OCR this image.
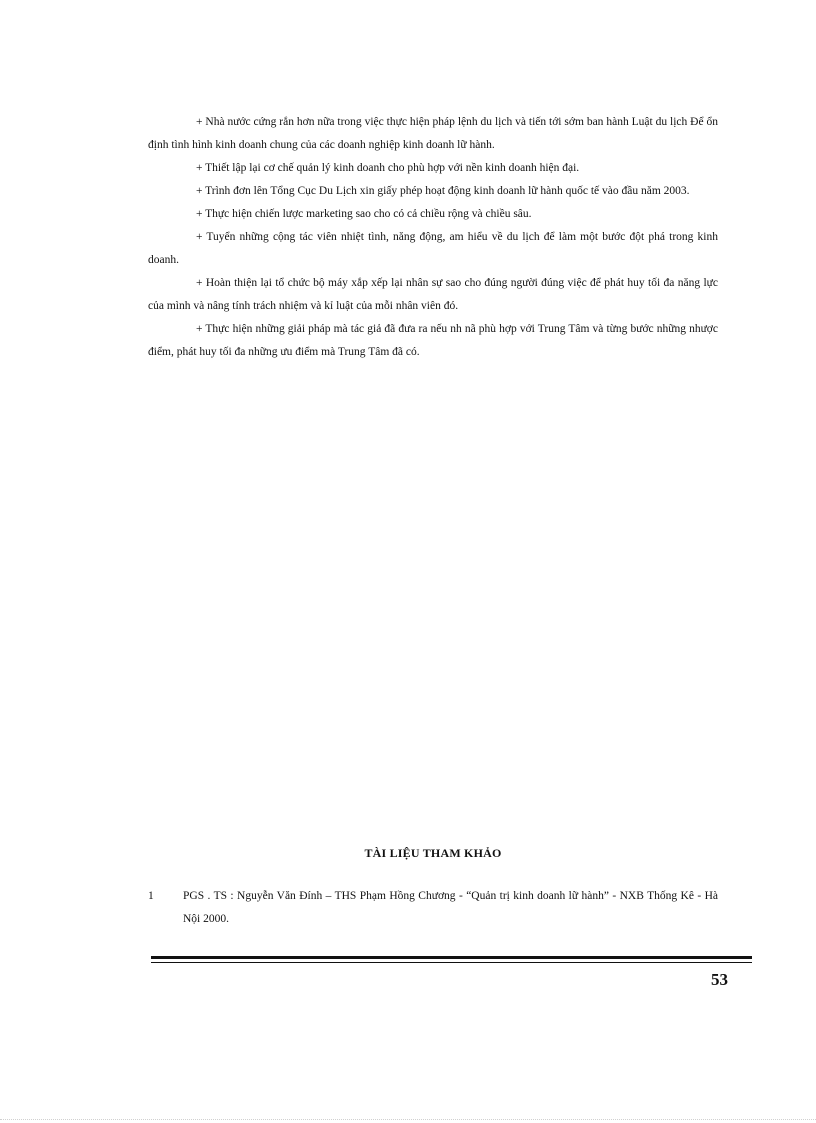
+ Nhà nước cứng rắn hơn nữa trong việc thực hiện pháp lệnh du lịch và tiến tới sớm ban hành Luật du lịch Để ổn định tình hình kinh doanh chung của các doanh nghiệp kinh doanh lữ hành.

+ Thiết lập lại cơ chế quản lý kinh doanh cho phù hợp với nền kinh doanh hiện đại.

+ Trình đơn lên Tổng Cục Du Lịch xin giấy phép hoạt động kinh doanh lữ hành quốc tế vào đầu năm 2003.

+ Thực hiện chiến lược marketing sao cho có cả chiều rộng và chiều sâu.

+ Tuyển những cộng tác viên nhiệt tình, năng động, am hiểu về du lịch để làm một bước đột phá trong kinh doanh.

+ Hoàn thiện lại tổ chức bộ máy xắp xếp lại nhân sự sao cho đúng người đúng việc để phát huy tối đa năng lực của mình và nâng tính trách nhiệm và kỉ luật của mỗi nhân viên đó.

+ Thực hiện những giải pháp mà tác giả đã đưa ra nếu nh nã phù hợp với Trung Tâm và từng bước những nhược điểm, phát huy tối đa những ưu điểm mà Trung Tâm đã có.

TÀI LIỆU THAM KHẢO
1	PGS . TS : Nguyễn Văn Đính – THS Phạm Hồng Chương - “Quản trị kinh doanh lữ hành” - NXB Thống Kê - Hà Nội 2000.
53
